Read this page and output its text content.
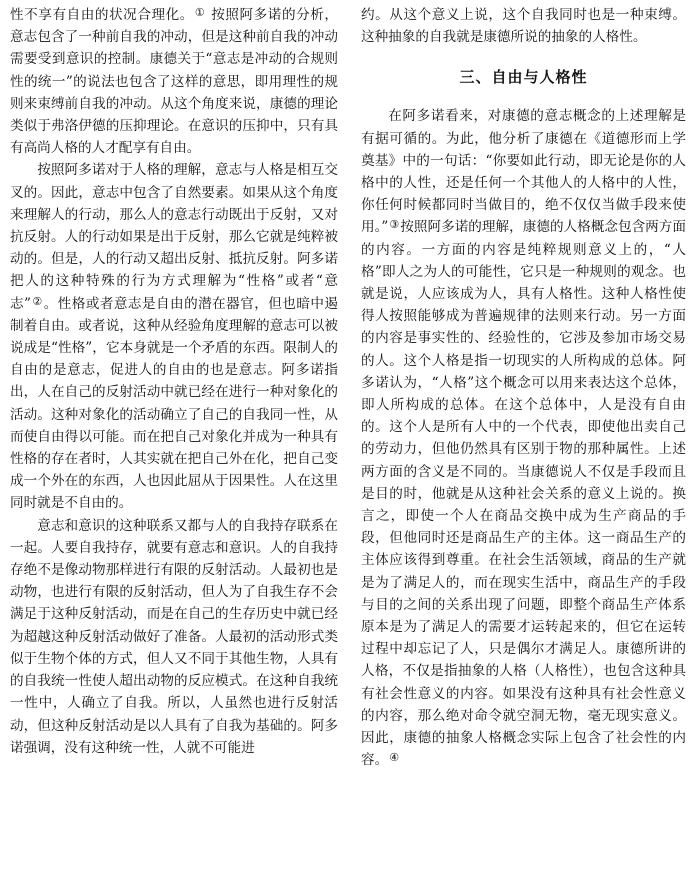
性不享有自由的状况合理化。① 按照阿多诺的分析，意志包含了一种前自我的冲动，但是这种前自我的冲动需要受到意识的控制。康德关于“意志是冲动的合规则性的统一”的说法也包含了这样的意思，即用理性的规则来束缚前自我的冲动。从这个角度来说，康德的理论类似于弗洛伊德的压抑理论。在意识的压抑中，只有具有高尚人格的人才配享有自由。

按照阿多诺对于人格的理解，意志与人格是相互交叉的。因此，意志中包含了自然要素。如果从这个角度来理解人的行动，那么人的意志行动既出于反射，又对抗反射。人的行动如果是出于反射，那么它就是纯粹被动的。但是，人的行动又超出反射、抵抗反射。阿多诺把人的这种特殊的行为方式理解为“性格”或者“意志”②。性格或者意志是自由的潜在器官，但也暗中遏制着自由。或者说，这种从经验角度理解的意志可以被说成是“性格”，它本身就是一个矛盾的东西。限制人的自由的是意志，促进人的自由的也是意志。阿多诺指出，人在自己的反射活动中就已经在进行一种对象化的活动。这种对象化的活动确立了自己的自我同一性，从而使自由得以可能。而在把自己对象化并成为一种具有性格的存在者时，人其实就在把自己外在化，把自己变成一个外在的东西，人也因此屈从于因果性。人在这里同时就是不自由的。

意志和意识的这种联系又都与人的自我持存联系在一起。人要自我持存，就要有意志和意识。人的自我持存绝不是像动物那样进行有限的反射活动。人最初也是动物，也进行有限的反射活动，但人为了自我生存不会满足于这种反射活动，而是在自己的生存历史中就已经为超越这种反射活动做好了准备。人最初的活动形式类似于生物个体的方式，但人又不同于其他生物，人具有的自我统一性使人超出动物的反应模式。在这种自我统一性中，人确立了自我。所以，人虽然也进行反射活动，但这种反射活动是以人具有了自我为基础的。阿多诺强调，没有这种统一性，人就不可能进

约。从这个意义上说，这个自我同时也是一种束缚。这种抽象的自我就是康德所说的抽象的人格性。

三、自由与人格性

在阿多诺看来，对康德的意志概念的上述理解是有据可循的。为此，他分析了康德在《道德形而上学奠基》中的一句话：“你要如此行动，即无论是你的人格中的人性，还是任何一个其他人的人格中的人性，你任何时候都同时当做目的，绝不仅仅当做手段来使用。”③按照阿多诺的理解，康德的人格概念包含两方面的内容。一方面的内容是纯粹规则意义上的，“人格”即人之为人的可能性，它只是一种规则的观念。也就是说，人应该成为人，具有人格性。这种人格性使得人按照能够成为普遍规律的法则来行动。另一方面的内容是事实性的、经验性的，它涉及参加市场交易的人。这个人格是指一切现实的人所构成的总体。阿多诺认为，“人格”这个概念可以用来表达这个总体，即人所构成的总体。在这个总体中，人是没有自由的。这个人是所有人中的一个代表，即使他出卖自己的劳动力，但他仍然具有区别于物的那种属性。上述两方面的含义是不同的。当康德说人不仅是手段而且是目的时，他就是从这种社会关系的意义上说的。换言之，即使一个人在商品交换中成为生产商品的手段，但他同时还是商品生产的主体。这一商品生产的主体应该得到尊重。在社会生活领域，商品的生产就是为了满足人的，而在现实生活中，商品生产的手段与目的之间的关系出现了问题，即整个商品生产体系原本是为了满足人的需要才运转起来的，但它在运转过程中却忘记了人，只是偶尔才满足人。康德所讲的人格，不仅是指抽象的人格（人格性），也包含这种具有社会性意义的内容。如果没有这种具有社会性意义的内容，那么绝对命令就空洞无物，毫无现实意义。因此，康德的抽象人格概念实际上包含了社会性的内容。④
